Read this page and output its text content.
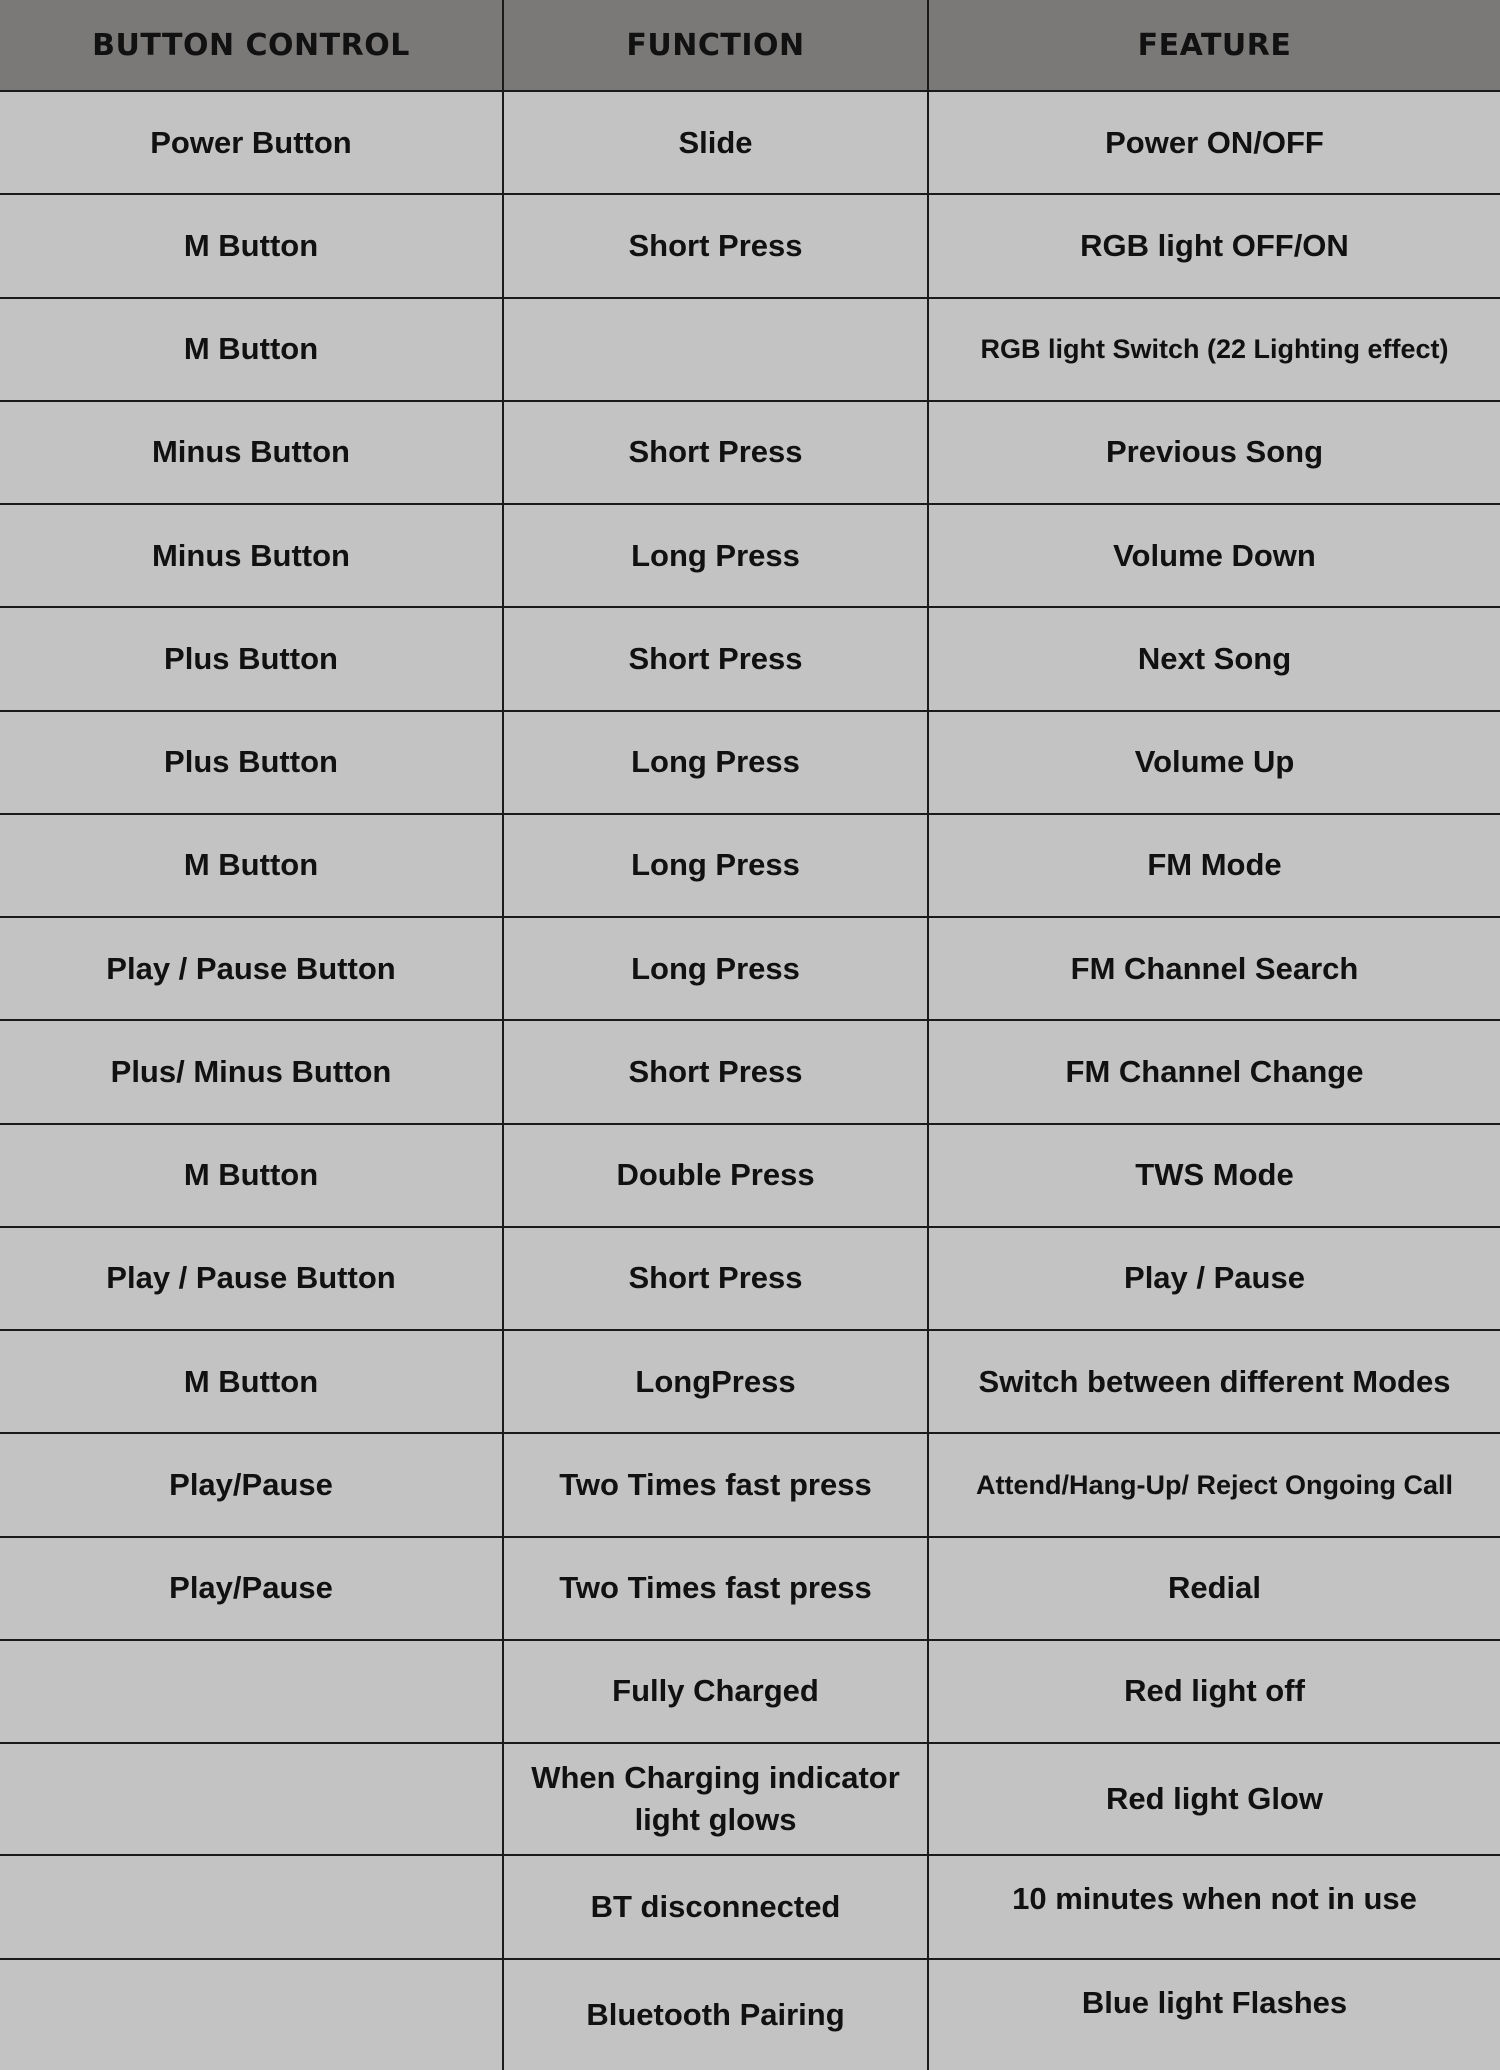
BUTTON CONTROL	FUNCTION	FEATURE
Power Button	Slide	Power ON/OFF
M Button	Short Press	RGB light OFF/ON
M Button		RGB light Switch (22 Lighting effect)
Minus Button	Short Press	Previous Song
Minus Button	Long Press	Volume Down
Plus Button	Short Press	Next Song
Plus Button	Long Press	Volume Up
M Button	Long Press	FM Mode
Play / Pause Button	Long Press	FM Channel Search
Plus/ Minus Button	Short Press	FM Channel Change
M Button	Double Press	TWS Mode
Play / Pause Button	Short Press	Play / Pause
M Button	LongPress	Switch between different Modes
Play/Pause	Two Times fast press	Attend/Hang-Up/ Reject Ongoing Call
Play/Pause	Two Times fast press	Redial
	Fully Charged	Red light off
	When Charging indicator light glows	Red light Glow
	BT disconnected	10 minutes when not in use
	Bluetooth Pairing	Blue light Flashes
